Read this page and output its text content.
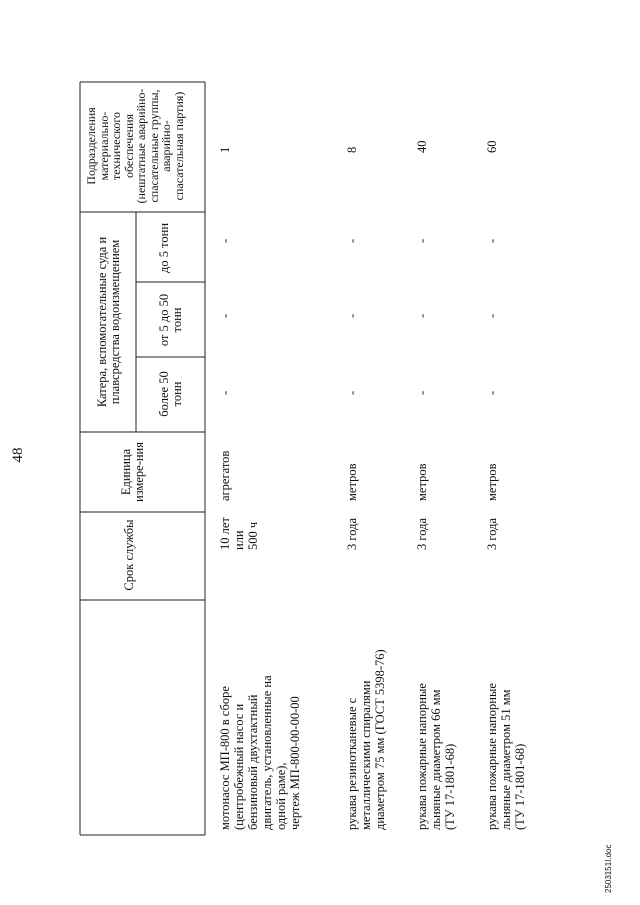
48
Срок службы
Единица измере-ния
Катера, вспомогательные суда и плавсредства водоизмещением	более 50 тонн
от 5 до 50 тонн
до 5 тонн
Подразделения материально-технического обеспечения (нештатные аварийно-спасательные группы, аварийно-спасательная партия)
мотонасос МП-800 в сборе (центробежный насос и бензиновый двухтактный двигатель, установленные на одной раме), чертеж МП-800-00-00-00
10 лет или 500 ч
агрегатов
-
-
-
1
рукава резинотканевые с металлическими спиралями диаметром 75 мм (ГОСТ 5398-76)
3 года
метров
-
-
-
8
рукава пожарные напорные льняные диаметром 66 мм (ТУ 17-1801-68)
3 года
метров
-
-
-
40
рукава пожарные напорные льняные диаметром 51 мм (ТУ 17-1801-68)
3 года
метров
-
-
-
60
2503151I.doc
